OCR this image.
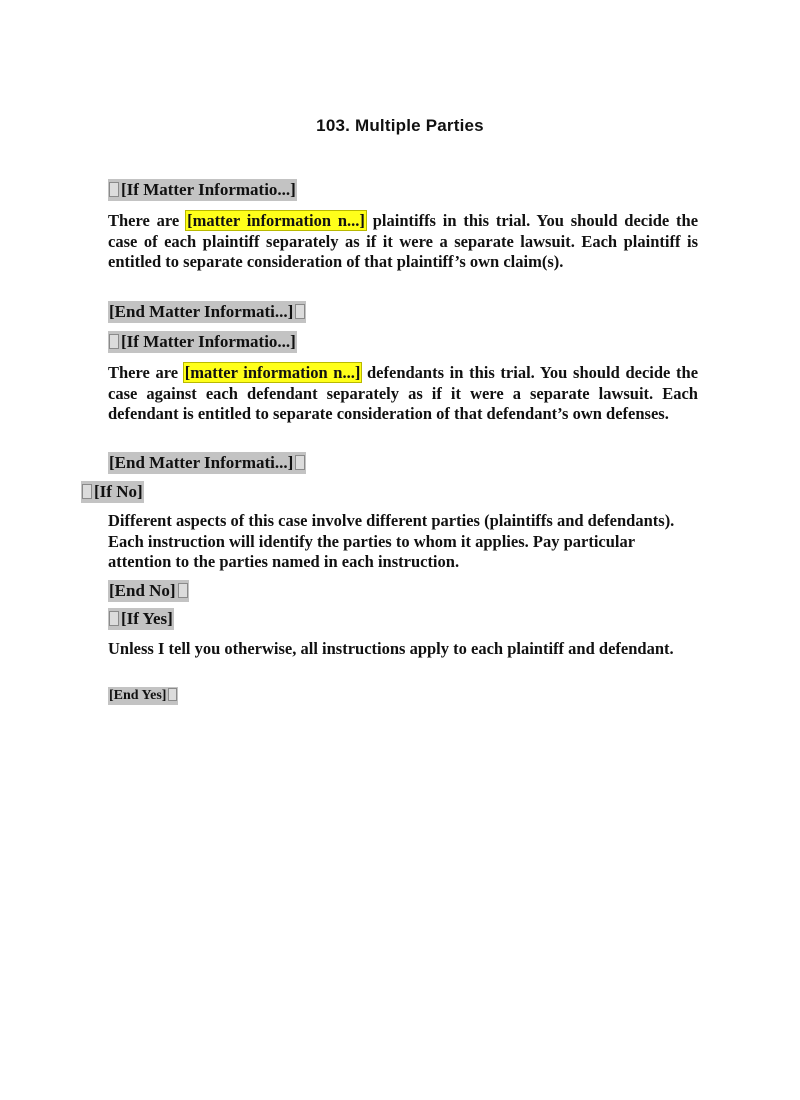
103. Multiple Parties
[If Matter Informatio...]

There are [matter information n...] plaintiffs in this trial. You should decide the case of each plaintiff separately as if it were a separate lawsuit. Each plaintiff is entitled to separate consideration of that plaintiff’s own claim(s).

[End Matter Informati...]
[If Matter Informatio...]

There are [matter information n...] defendants in this trial. You should decide the case against each defendant separately as if it were a separate lawsuit. Each defendant is entitled to separate consideration of that defendant’s own defenses.

[End Matter Informati...]
[If No]

Different aspects of this case involve different parties (plaintiffs and defendants). Each instruction will identify the parties to whom it applies. Pay particular attention to the parties named in each instruction.

[End No]
[If Yes]

Unless I tell you otherwise, all instructions apply to each plaintiff and defendant.

[End Yes]
